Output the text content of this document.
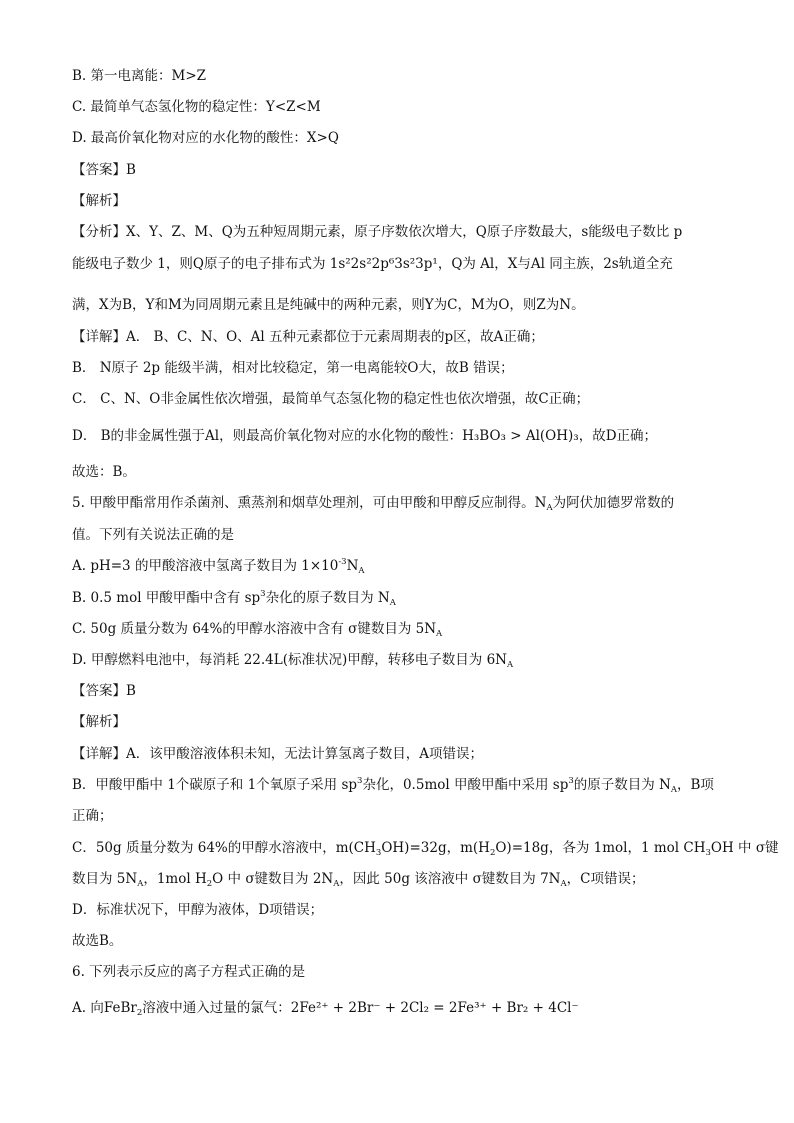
B. 第一电离能：M>Z
C. 最简单气态氢化物的稳定性：Y<Z<M
D. 最高价氧化物对应的水化物的酸性：X>Q
【答案】B
【解析】
【分析】X、Y、Z、M、Q为五种短周期元素，原子序数依次增大，Q原子序数最大，s能级电子数比 p
能级电子数少 1，则Q原子的电子排布式为 1s²2s²2p⁶3s²3p¹，Q为 Al，X与Al 同主族，2s轨道全充
满，X为B，Y和M为同周期元素且是纯碱中的两种元素，则Y为C，M为O，则Z为N。
【详解】A． B、C、N、O、Al 五种元素都位于元素周期表的p区，故A正确；
B． N原子 2p 能级半满，相对比较稳定，第一电离能较O大，故B 错误；
C． C、N、O非金属性依次增强，最简单气态氢化物的稳定性也依次增强，故C正确；
D． B的非金属性强于Al，则最高价氧化物对应的水化物的酸性：H₃BO₃ > Al(OH)₃，故D正确；
故选：B。
5. 甲酸甲酯常用作杀菌剂、熏蒸剂和烟草处理剂，可由甲酸和甲醇反应制得。$N_A$为阿伏加德罗常数的
值。下列有关说法正确的是
A. pH=3 的甲酸溶液中氢离子数目为 $1\times 10^{-3}N_A$
B. 0.5 mol 甲酸甲酯中含有 $sp^3$杂化的原子数目为 $N_A$
C. 50g 质量分数为 64%的甲醇水溶液中含有 σ键数目为 $5N_A$
D. 甲醇燃料电池中，每消耗 22.4L(标准状况)甲醇，转移电子数目为 $6N_A$
【答案】B
【解析】
【详解】A．该甲酸溶液体积未知，无法计算氢离子数目，A项错误；
B．甲酸甲酯中 1个碳原子和 1个氧原子采用 $sp^3$杂化，0.5mol 甲酸甲酯中采用 $sp^3$的原子数目为 $N_A$，B项
正确；
C．50g 质量分数为 64%的甲醇水溶液中，$m(CH_3OH)=32g$，$m(H_2O)=18g$，各为 1mol，1 mol $CH_3OH$ 中 σ键
数目为 $5N_A$，1mol $H_2O$ 中 σ键数目为 $2N_A$，因此 50g 该溶液中 σ键数目为 $7N_A$，C项错误；
D．标准状况下，甲醇为液体，D项错误；
故选B。
6. 下列表示反应的离子方程式正确的是
A. 向FeBr$_2$溶液中通入过量的氯气：2Fe²⁺ + 2Br⁻ + 2Cl₂ = 2Fe³⁺ + Br₂ + 4Cl⁻
